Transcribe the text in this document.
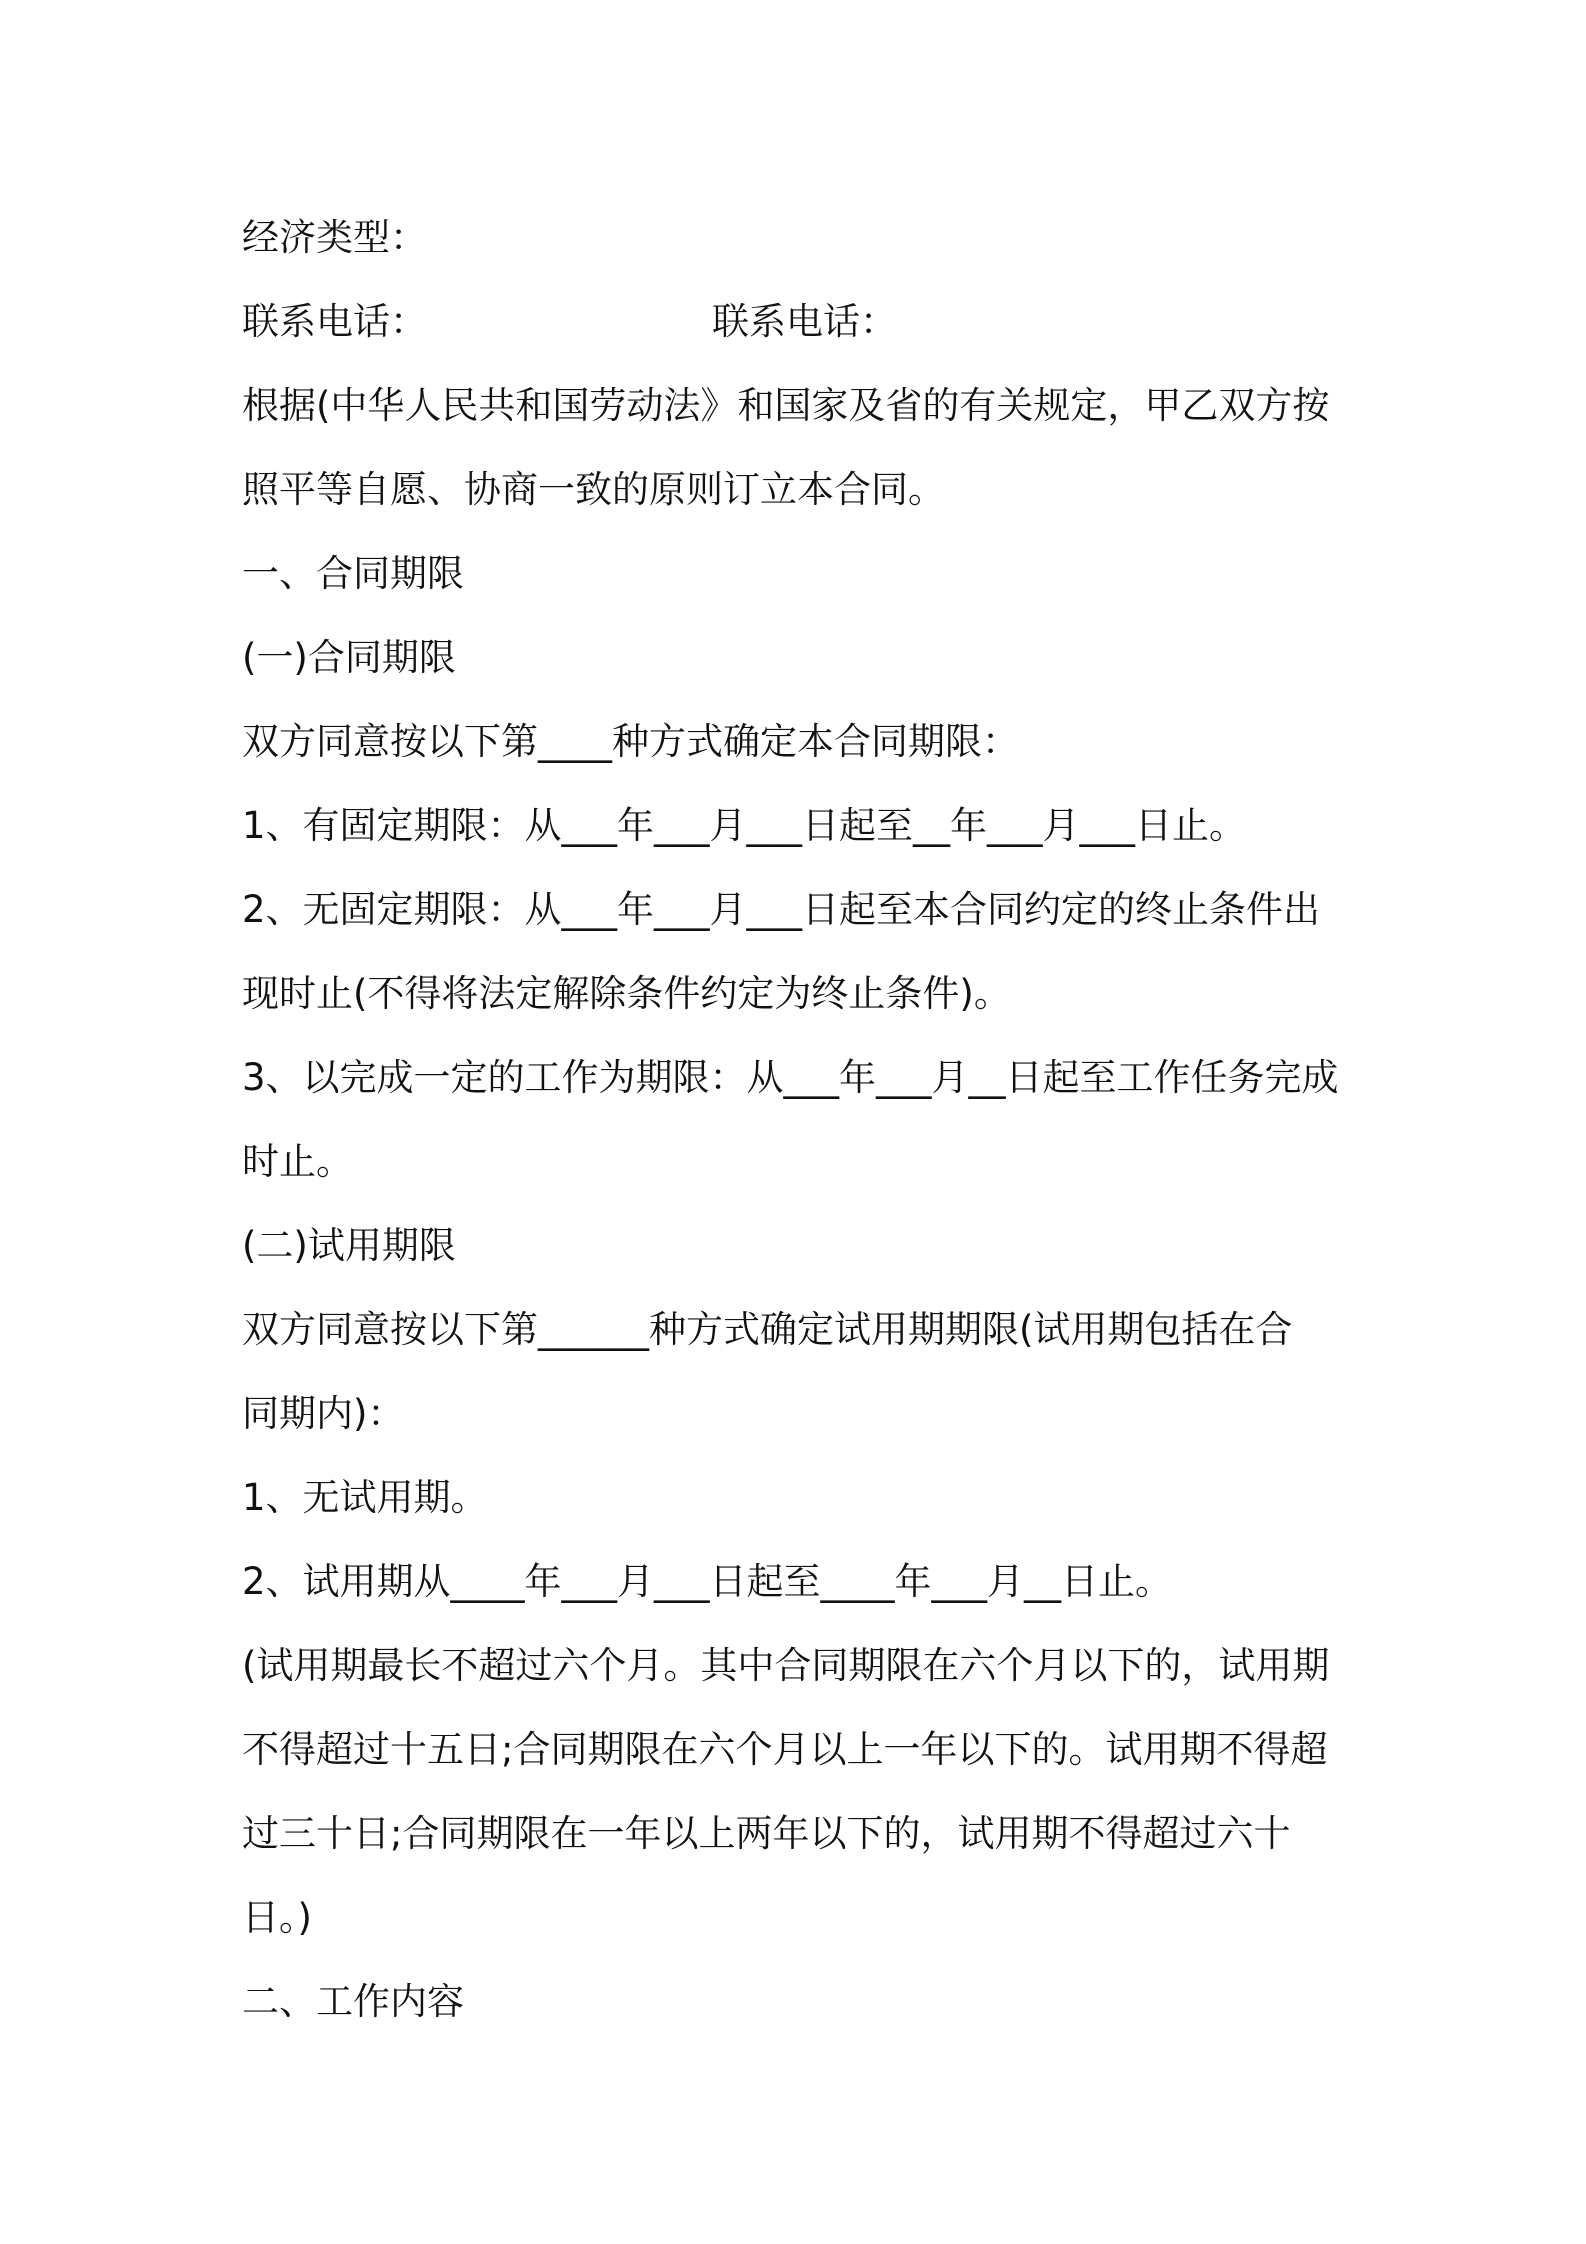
经济类型：
联系电话：	联系电话：
根据(中华人民共和国劳动法》和国家及省的有关规定，甲乙双方按
照平等自愿、协商一致的原则订立本合同。
一、合同期限
(一)合同期限
双方同意按以下第____种方式确定本合同期限：
1、有固定期限：从___年___月___日起至__年___月___日止。
2、无固定期限：从___年___月___日起至本合同约定的终止条件出
现时止(不得将法定解除条件约定为终止条件)。
3、以完成一定的工作为期限：从___年___月__日起至工作任务完成
时止。
(二)试用期限
双方同意按以下第______种方式确定试用期期限(试用期包括在合
同期内)：
1、无试用期。
2、试用期从____年___月___日起至____年___月__日止。
(试用期最长不超过六个月。其中合同期限在六个月以下的，试用期
不得超过十五日;合同期限在六个月以上一年以下的。试用期不得超
过三十日;合同期限在一年以上两年以下的，试用期不得超过六十
日。)
二、工作内容
